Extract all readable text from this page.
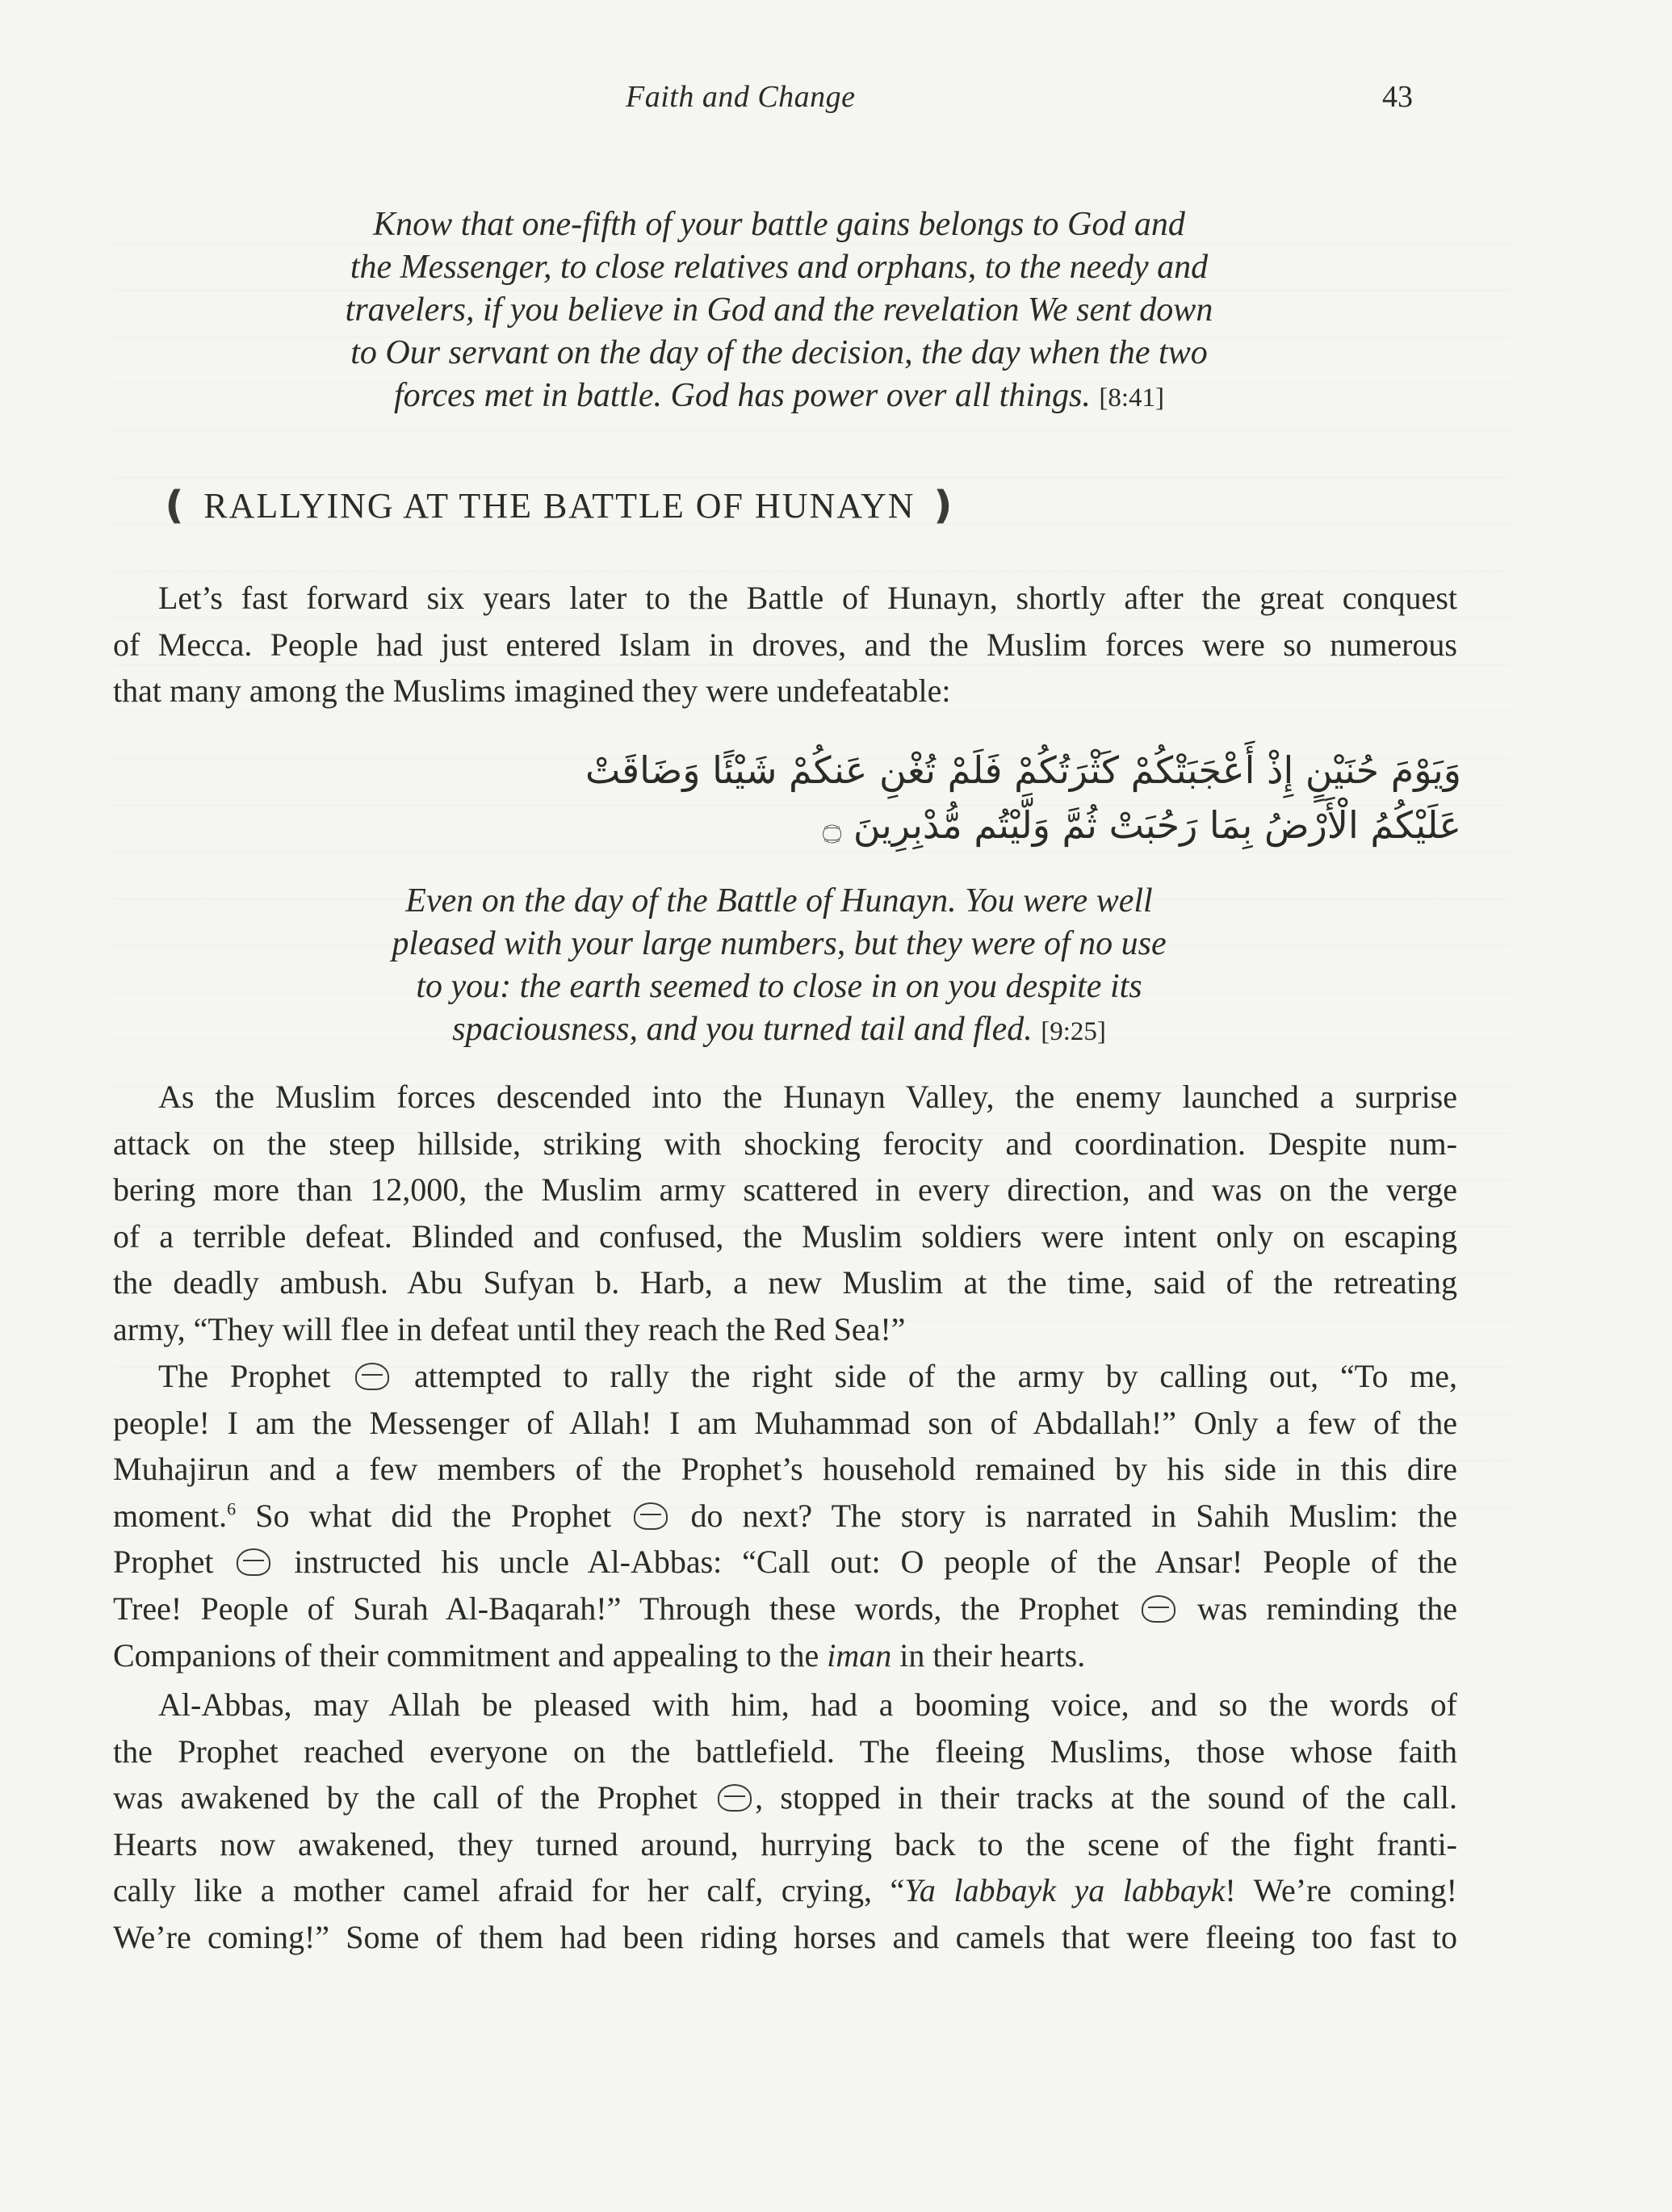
Faith and Change	43
Know that one-fifth of your battle gains belongs to God and
the Messenger, to close relatives and orphans, to the needy and
travelers, if you believe in God and the revelation We sent down
to Our servant on the day of the decision, the day when the two
forces met in battle. God has power over all things. [8:41]
❪ RALLYING AT THE BATTLE OF HUNAYN ❫
Let’s fast forward six years later to the Battle of Hunayn, shortly after the great conquest
of Mecca. People had just entered Islam in droves, and the Muslim forces were so numerous
that many among the Muslims imagined they were undefeatable:
وَيَوْمَ حُنَيْنٍ إِذْ أَعْجَبَتْكُمْ كَثْرَتُكُمْ فَلَمْ تُغْنِ عَنكُمْ شَيْئًا وَضَاقَتْ
عَلَيْكُمُ الْأَرْضُ بِمَا رَحُبَتْ ثُمَّ وَلَّيْتُم مُّدْبِرِينَ ۝
Even on the day of the Battle of Hunayn. You were well
pleased with your large numbers, but they were of no use
to you: the earth seemed to close in on you despite its
spaciousness, and you turned tail and fled. [9:25]
As the Muslim forces descended into the Hunayn Valley, the enemy launched a surprise
attack on the steep hillside, striking with shocking ferocity and coordination. Despite num-
bering more than 12,000, the Muslim army scattered in every direction, and was on the verge
of a terrible defeat. Blinded and confused, the Muslim soldiers were intent only on escaping
the deadly ambush. Abu Sufyan b. Harb, a new Muslim at the time, said of the retreating
army, “They will flee in defeat until they reach the Red Sea!”
The Prophet	attempted to rally the right side of the army by calling out, “To me,
people! I am the Messenger of Allah! I am Muhammad son of Abdallah!” Only a few of the
Muhajirun and a few members of the Prophet’s household remained by his side in this dire
moment.$^6$ So what did the Prophet do next? The story is narrated in Sahih Muslim: the
Prophet instructed his uncle Al-Abbas: “Call out: O people of the Ansar! People of the
Tree! People of Surah Al-Baqarah!” Through these words, the Prophet was reminding the
Companions of their commitment and appealing to the iman in their hearts.
Al-Abbas, may Allah be pleased with him, had a booming voice, and so the words of
the Prophet reached everyone on the battlefield. The fleeing Muslims, those whose faith
was awakened by the call of the Prophet , stopped in their tracks at the sound of the call.
Hearts now awakened, they turned around, hurrying back to the scene of the fight franti-
cally like a mother camel afraid for her calf, crying, “Ya labbayk ya labbayk! We’re coming!
We’re coming!” Some of them had been riding horses and camels that were fleeing too fast to
